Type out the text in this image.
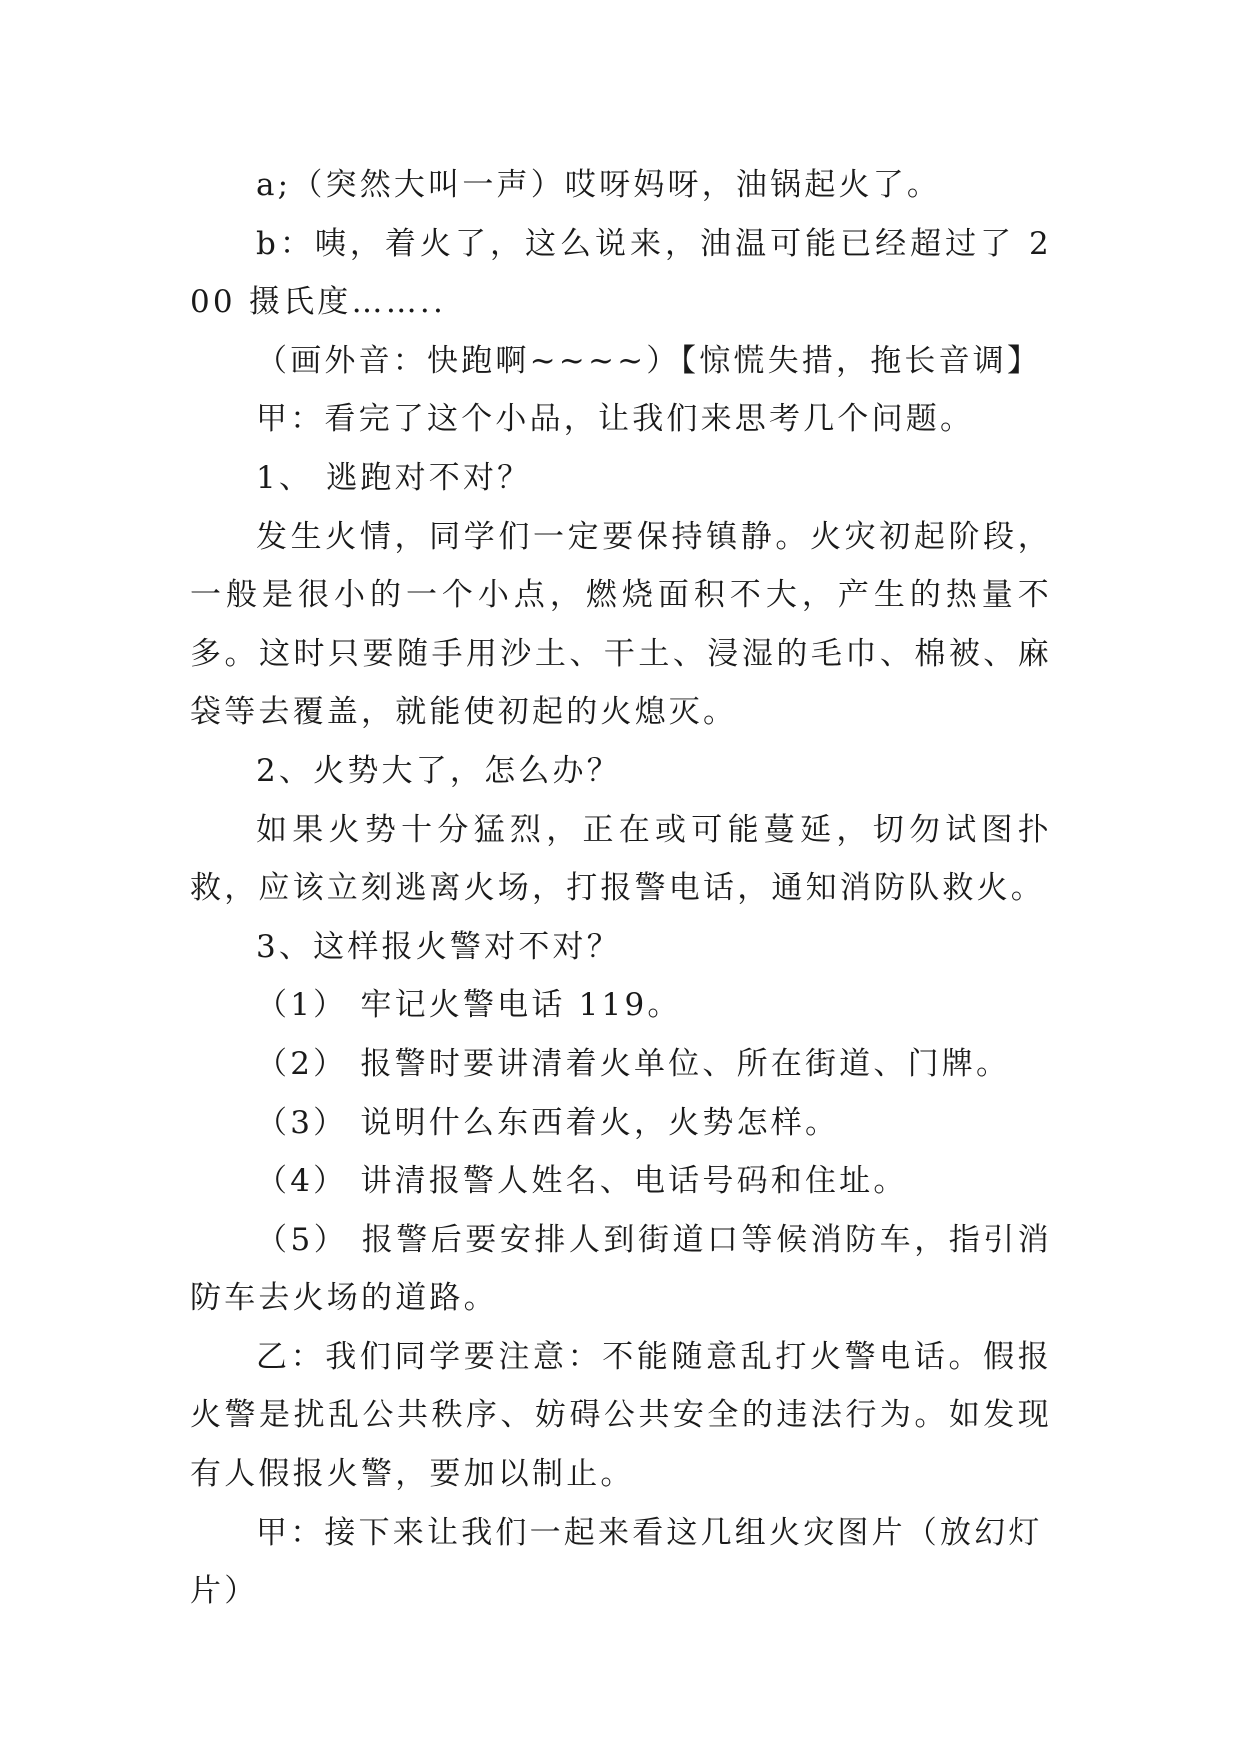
a;（突然大叫一声）哎呀妈呀，油锅起火了。

b：咦，着火了，这么说来，油温可能已经超过了 200 摄氏度……..

（画外音：快跑啊~~~~）【惊慌失措，拖长音调】

甲：看完了这个小品，让我们来思考几个问题。

1、 逃跑对不对？

发生火情，同学们一定要保持镇静。火灾初起阶段，一般是很小的一个小点，燃烧面积不大，产生的热量不多。这时只要随手用沙土、干土、浸湿的毛巾、棉被、麻袋等去覆盖，就能使初起的火熄灭。

2、火势大了，怎么办？

如果火势十分猛烈，正在或可能蔓延，切勿试图扑救，应该立刻逃离火场，打报警电话，通知消防队救火。

3、这样报火警对不对？

（1） 牢记火警电话 119。

（2） 报警时要讲清着火单位、所在街道、门牌。

（3） 说明什么东西着火，火势怎样。

（4） 讲清报警人姓名、电话号码和住址。

（5） 报警后要安排人到街道口等候消防车，指引消防车去火场的道路。

乙：我们同学要注意：不能随意乱打火警电话。假报火警是扰乱公共秩序、妨碍公共安全的违法行为。如发现有人假报火警，要加以制止。

甲：接下来让我们一起来看这几组火灾图片（放幻灯片）
